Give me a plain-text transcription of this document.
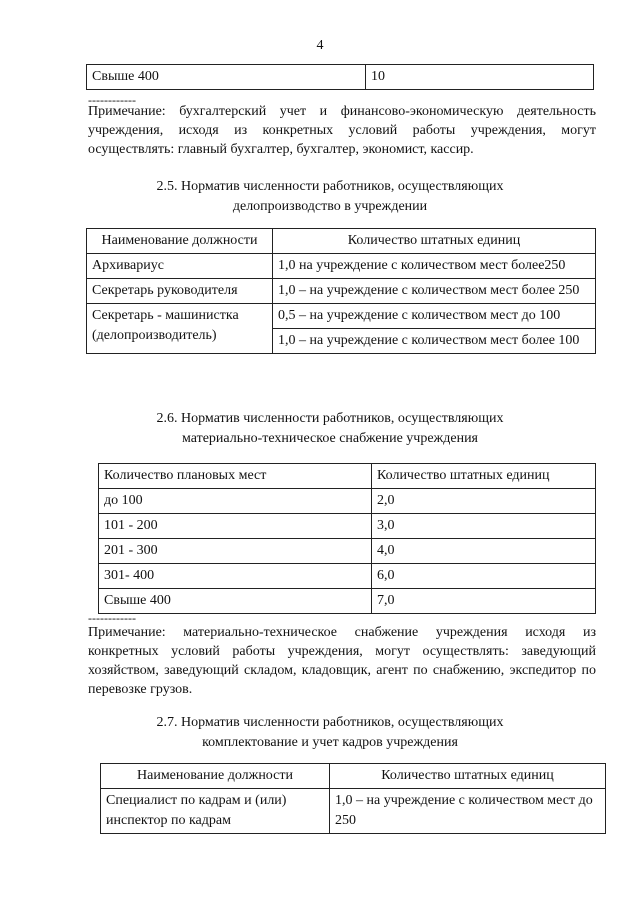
4
Свыше 400	10
------------
Примечание: бухгалтерский учет и финансово-экономическую деятельность учреждения, исходя из конкретных условий работы учреждения, могут осуществлять: главный бухгалтер, бухгалтер, экономист, кассир.
2.5. Норматив численности работников, осуществляющих
делопроизводство в учреждении
Наименование должности	Количество штатных единиц
Архивариус	1,0 на учреждение с количеством мест более250
Секретарь руководителя	1,0 – на учреждение с количеством мест более 250
Секретарь - машинистка (делопроизводитель)	0,5 – на учреждение с количеством мест до 100
	1,0 – на учреждение с количеством мест более 100
2.6. Норматив численности работников, осуществляющих
материально-техническое снабжение учреждения
Количество плановых мест	Количество штатных единиц
до 100	2,0
101 - 200	3,0
201 - 300	4,0
301- 400	6,0
Свыше 400	7,0
------------
Примечание: материально-техническое снабжение учреждения исходя из конкретных условий работы учреждения, могут осуществлять: заведующий хозяйством, заведующий складом, кладовщик, агент по снабжению, экспедитор по перевозке грузов.
2.7. Норматив численности работников, осуществляющих
комплектование и учет кадров учреждения
Наименование должности	Количество штатных единиц
Специалист по кадрам и (или) инспектор по кадрам	1,0 – на учреждение с количеством мест до 250
